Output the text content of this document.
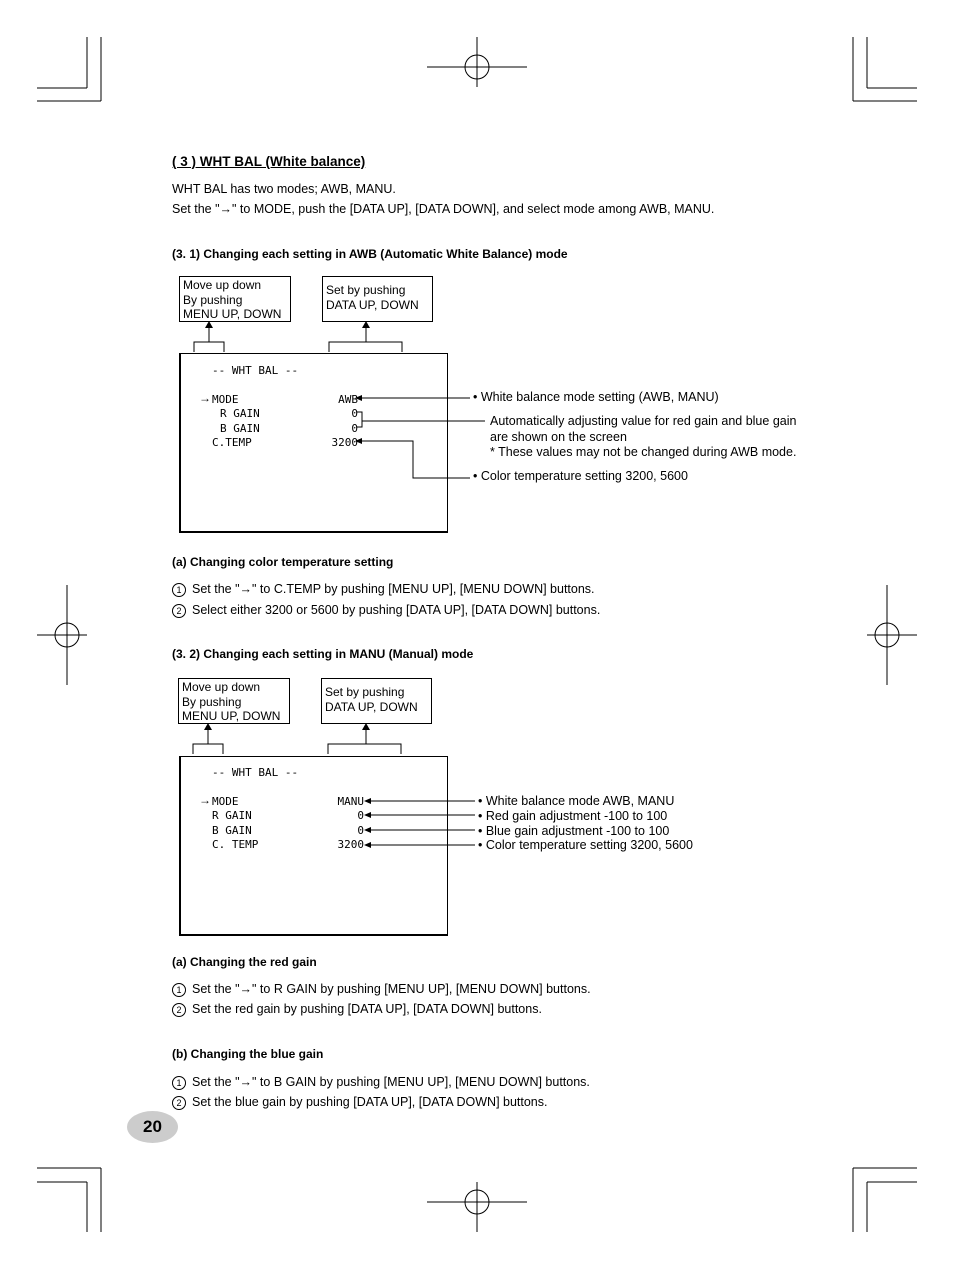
( 3 ) WHT BAL (White balance)
WHT BAL has two modes; AWB, MANU.
Set the "→" to MODE, push the [DATA UP], [DATA DOWN], and select mode among AWB, MANU.
(3. 1) Changing each setting in AWB (Automatic White Balance) mode
Move up down
By pushing
MENU UP, DOWN
Set by pushing
DATA UP, DOWN
-- WHT BAL --
→ MODE
R GAIN
B GAIN
C.TEMP
AWB
0
0
3200
• White balance mode setting (AWB, MANU)
Automatically adjusting value for red gain and blue gain
are shown on the screen
* These values may not be changed during AWB mode.
• Color temperature setting 3200, 5600
(a) Changing color temperature setting
1 Set the "→" to C.TEMP by pushing [MENU UP], [MENU DOWN] buttons.
2 Select either 3200 or 5600 by pushing [DATA UP], [DATA DOWN] buttons.
(3. 2) Changing each setting in MANU (Manual) mode
Move up down
By pushing
MENU UP, DOWN
Set by pushing
DATA UP, DOWN
-- WHT BAL --
→ MODE
R GAIN
B GAIN
C. TEMP
MANU
0
0
3200
• White balance mode AWB, MANU
• Red gain adjustment -100 to 100
• Blue gain adjustment -100 to 100
• Color temperature setting 3200, 5600
(a) Changing the red gain
1 Set the "→" to R GAIN by pushing [MENU UP], [MENU DOWN] buttons.
2 Set the red gain by pushing [DATA UP], [DATA DOWN] buttons.
(b) Changing the blue gain
1 Set the "→" to B GAIN by pushing [MENU UP], [MENU DOWN] buttons.
2 Set the blue gain by pushing [DATA UP], [DATA DOWN] buttons.
20
